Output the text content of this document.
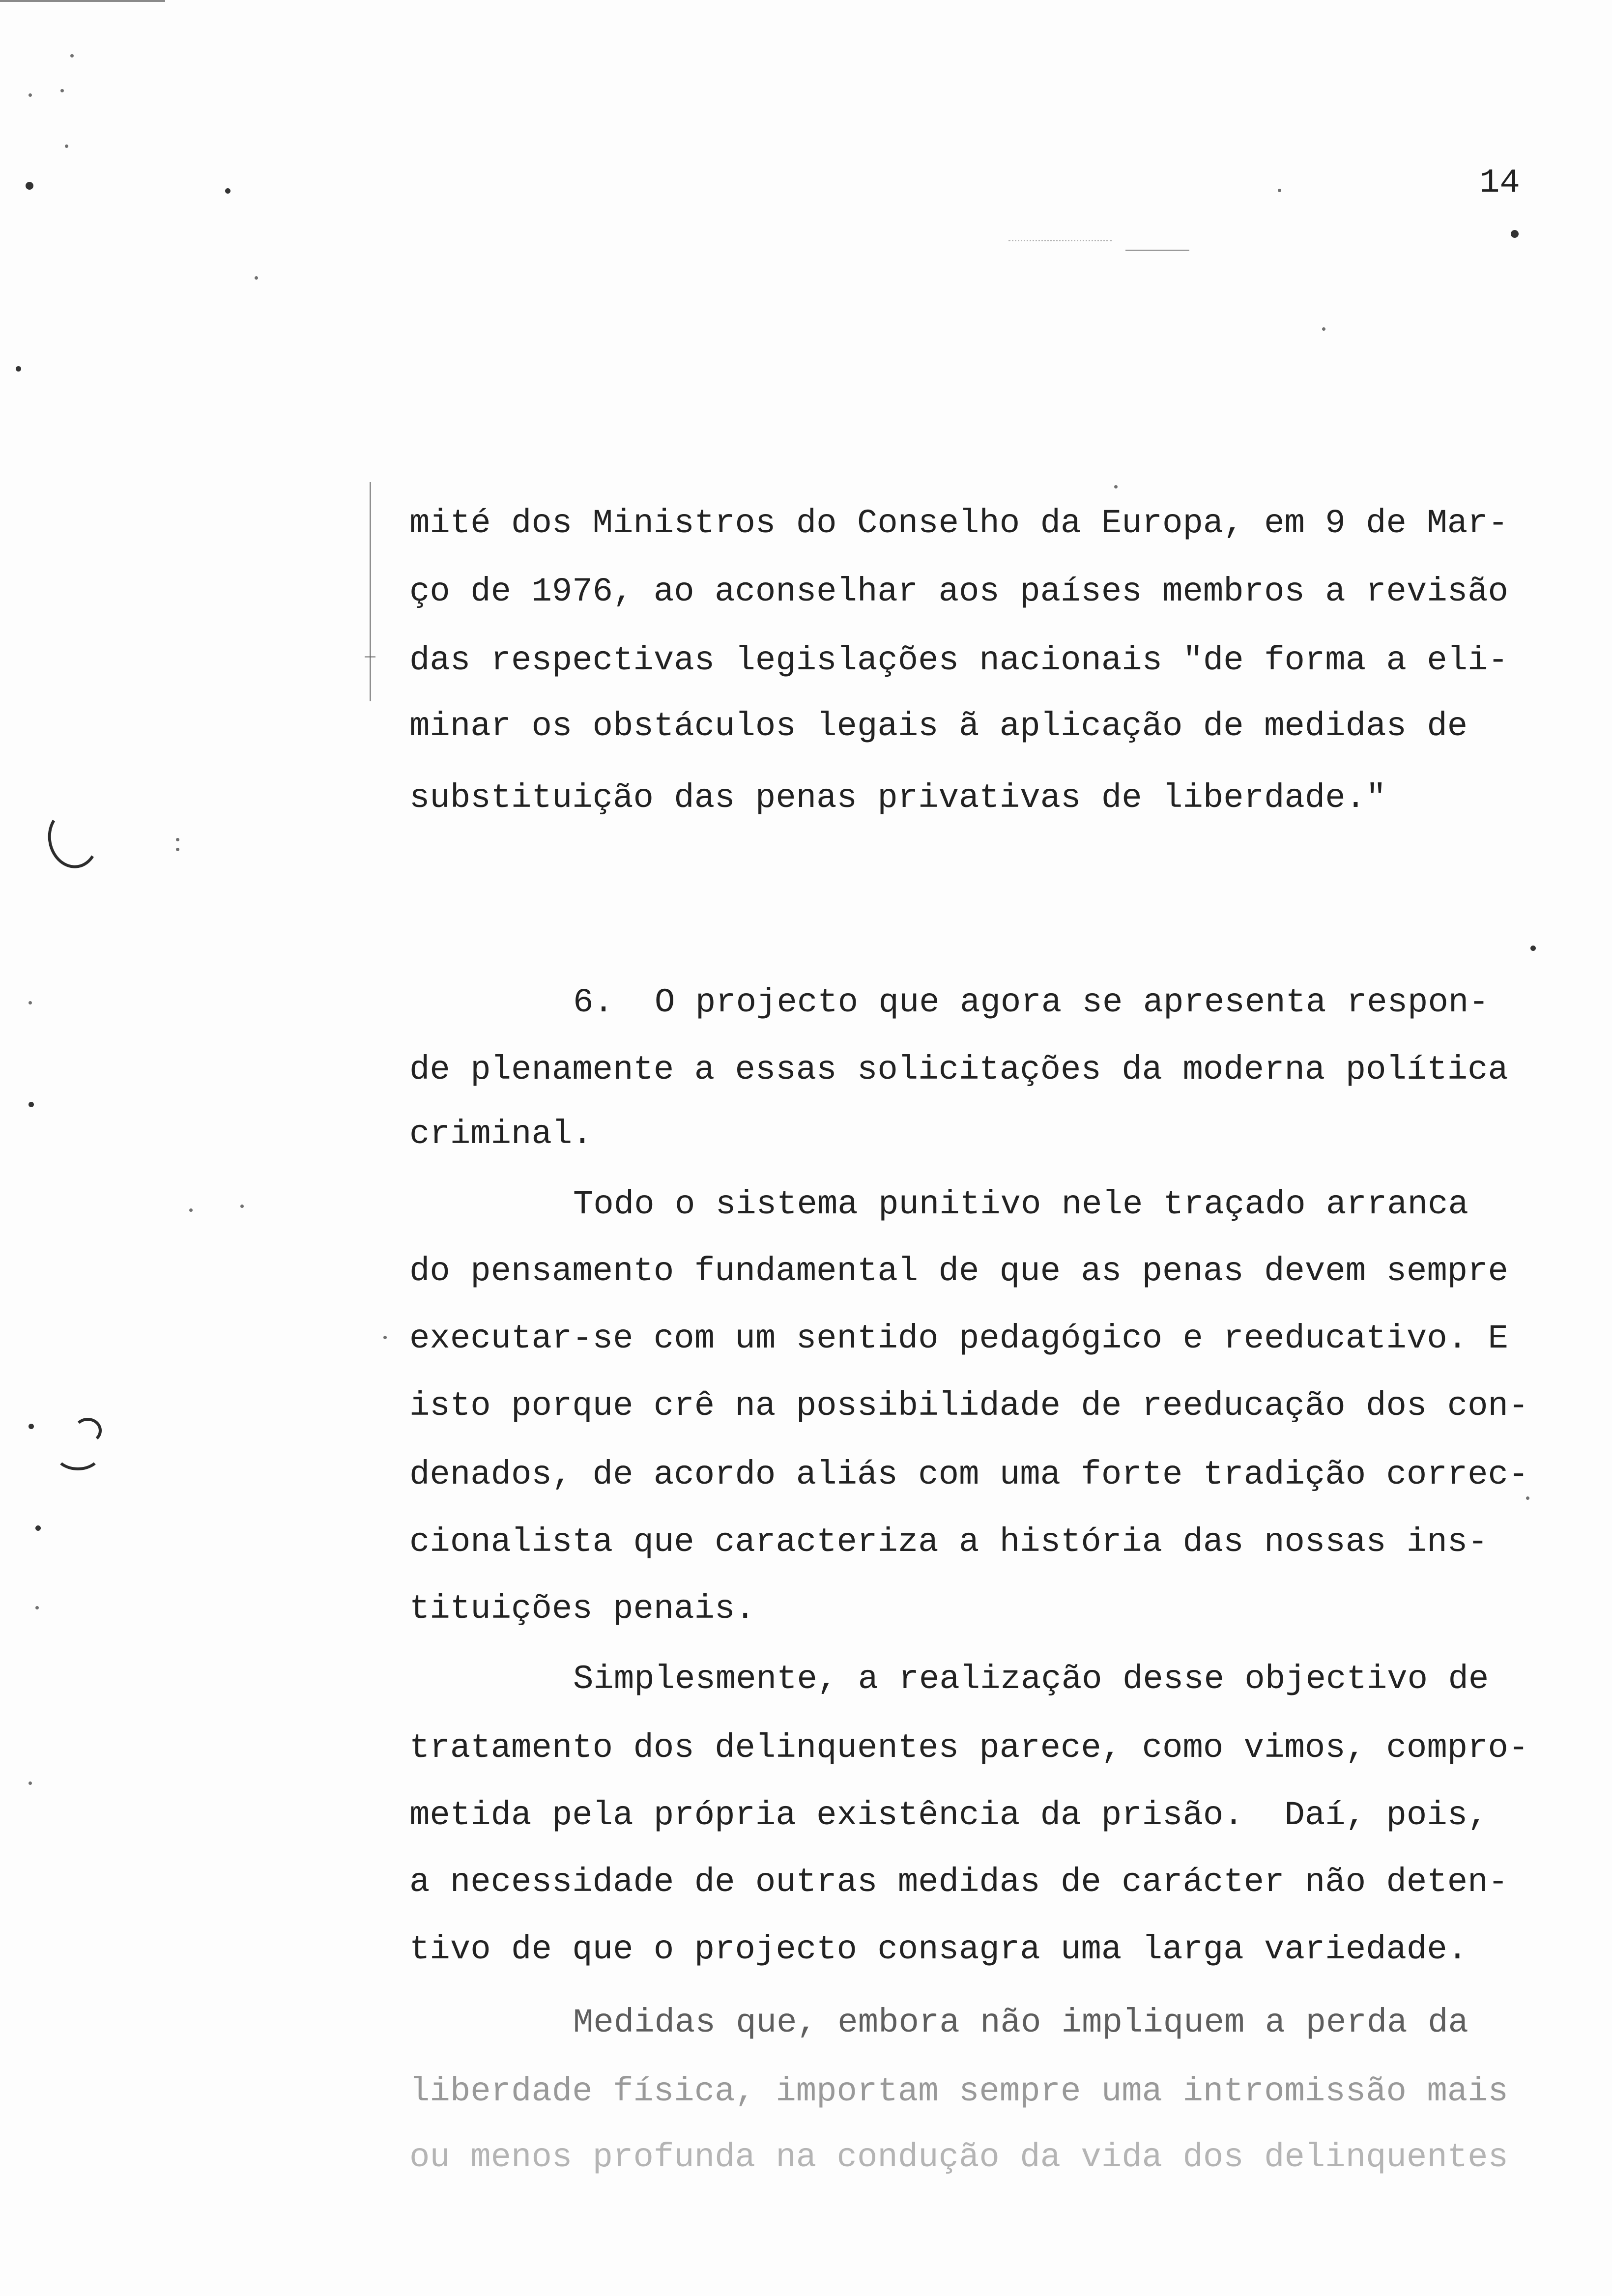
14
mité dos Ministros do Conselho da Europa, em 9 de Mar-
ço de 1976, ao aconselhar aos países membros a revisão
das respectivas legislações nacionais "de forma a eli-
minar os obstáculos legais ã aplicação de medidas de
substituição das penas privativas de liberdade."
6. O projecto que agora se apresenta respon-
de plenamente a essas solicitações da moderna política
criminal.
Todo o sistema punitivo nele traçado arranca
do pensamento fundamental de que as penas devem sempre
executar-se com um sentido pedagógico e reeducativo. E
isto porque crê na possibilidade de reeducação dos con-
denados, de acordo aliás com uma forte tradição correc-
cionalista que caracteriza a história das nossas ins-
tituições penais.
Simplesmente, a realização desse objectivo de
tratamento dos delinquentes parece, como vimos, compro-
metida pela própria existência da prisão.  Daí, pois,
a necessidade de outras medidas de carácter não deten-
tivo de que o projecto consagra uma larga variedade.
Medidas que, embora não impliquem a perda da
liberdade física, importam sempre uma intromissão mais
ou menos profunda na condução da vida dos delinquentes
